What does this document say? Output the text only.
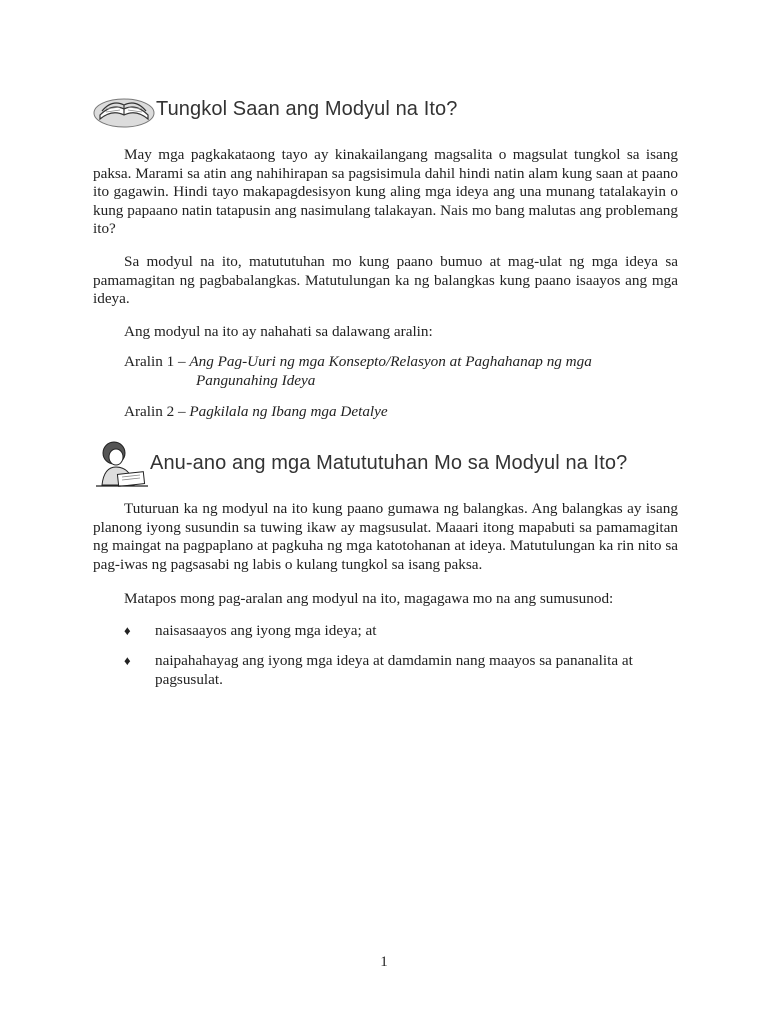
Tungkol Saan ang Modyul na Ito?

May mga pagkakataong tayo ay kinakailangang magsalita o magsulat tungkol sa isang paksa. Marami sa atin ang nahihirapan sa pagsisimula dahil hindi natin alam kung saan at paano ito gagawin. Hindi tayo makapagdesisyon kung aling mga ideya ang una munang tatalakayin o kung papaano natin tatapusin ang nasimulang talakayan. Nais mo bang malutas ang problemang ito?

Sa modyul na ito, matututuhan mo kung paano bumuo at mag-ulat ng mga ideya sa pamamagitan ng pagbabalangkas. Matutulungan ka ng balangkas kung paano isaayos ang mga ideya.

Ang modyul na ito ay nahahati sa dalawang aralin:

Aralin 1 – Ang Pag-Uuri ng mga Konsepto/Relasyon at Paghahanap ng mga
Pangunahing Ideya
Aralin 2 – Pagkilala ng Ibang mga Detalye
Anu-ano ang mga Matututuhan Mo sa Modyul na Ito?

Tuturuan ka ng modyul na ito kung paano gumawa ng balangkas. Ang balangkas ay isang planong iyong susundin sa tuwing ikaw ay magsusulat. Maaari itong mapabuti sa pamamagitan ng maingat na pagpaplano at pagkuha ng mga katotohanan at ideya. Matutulungan ka rin nito sa pag-iwas ng pagsasabi ng labis o kulang tungkol sa isang paksa.

Matapos mong pag-aralan ang modyul na ito, magagawa mo na ang sumusunod:

♦ naisasaayos ang iyong mga ideya; at
♦ naipahahayag ang iyong mga ideya at damdamin nang maayos sa pananalita at pagsusulat.
1
